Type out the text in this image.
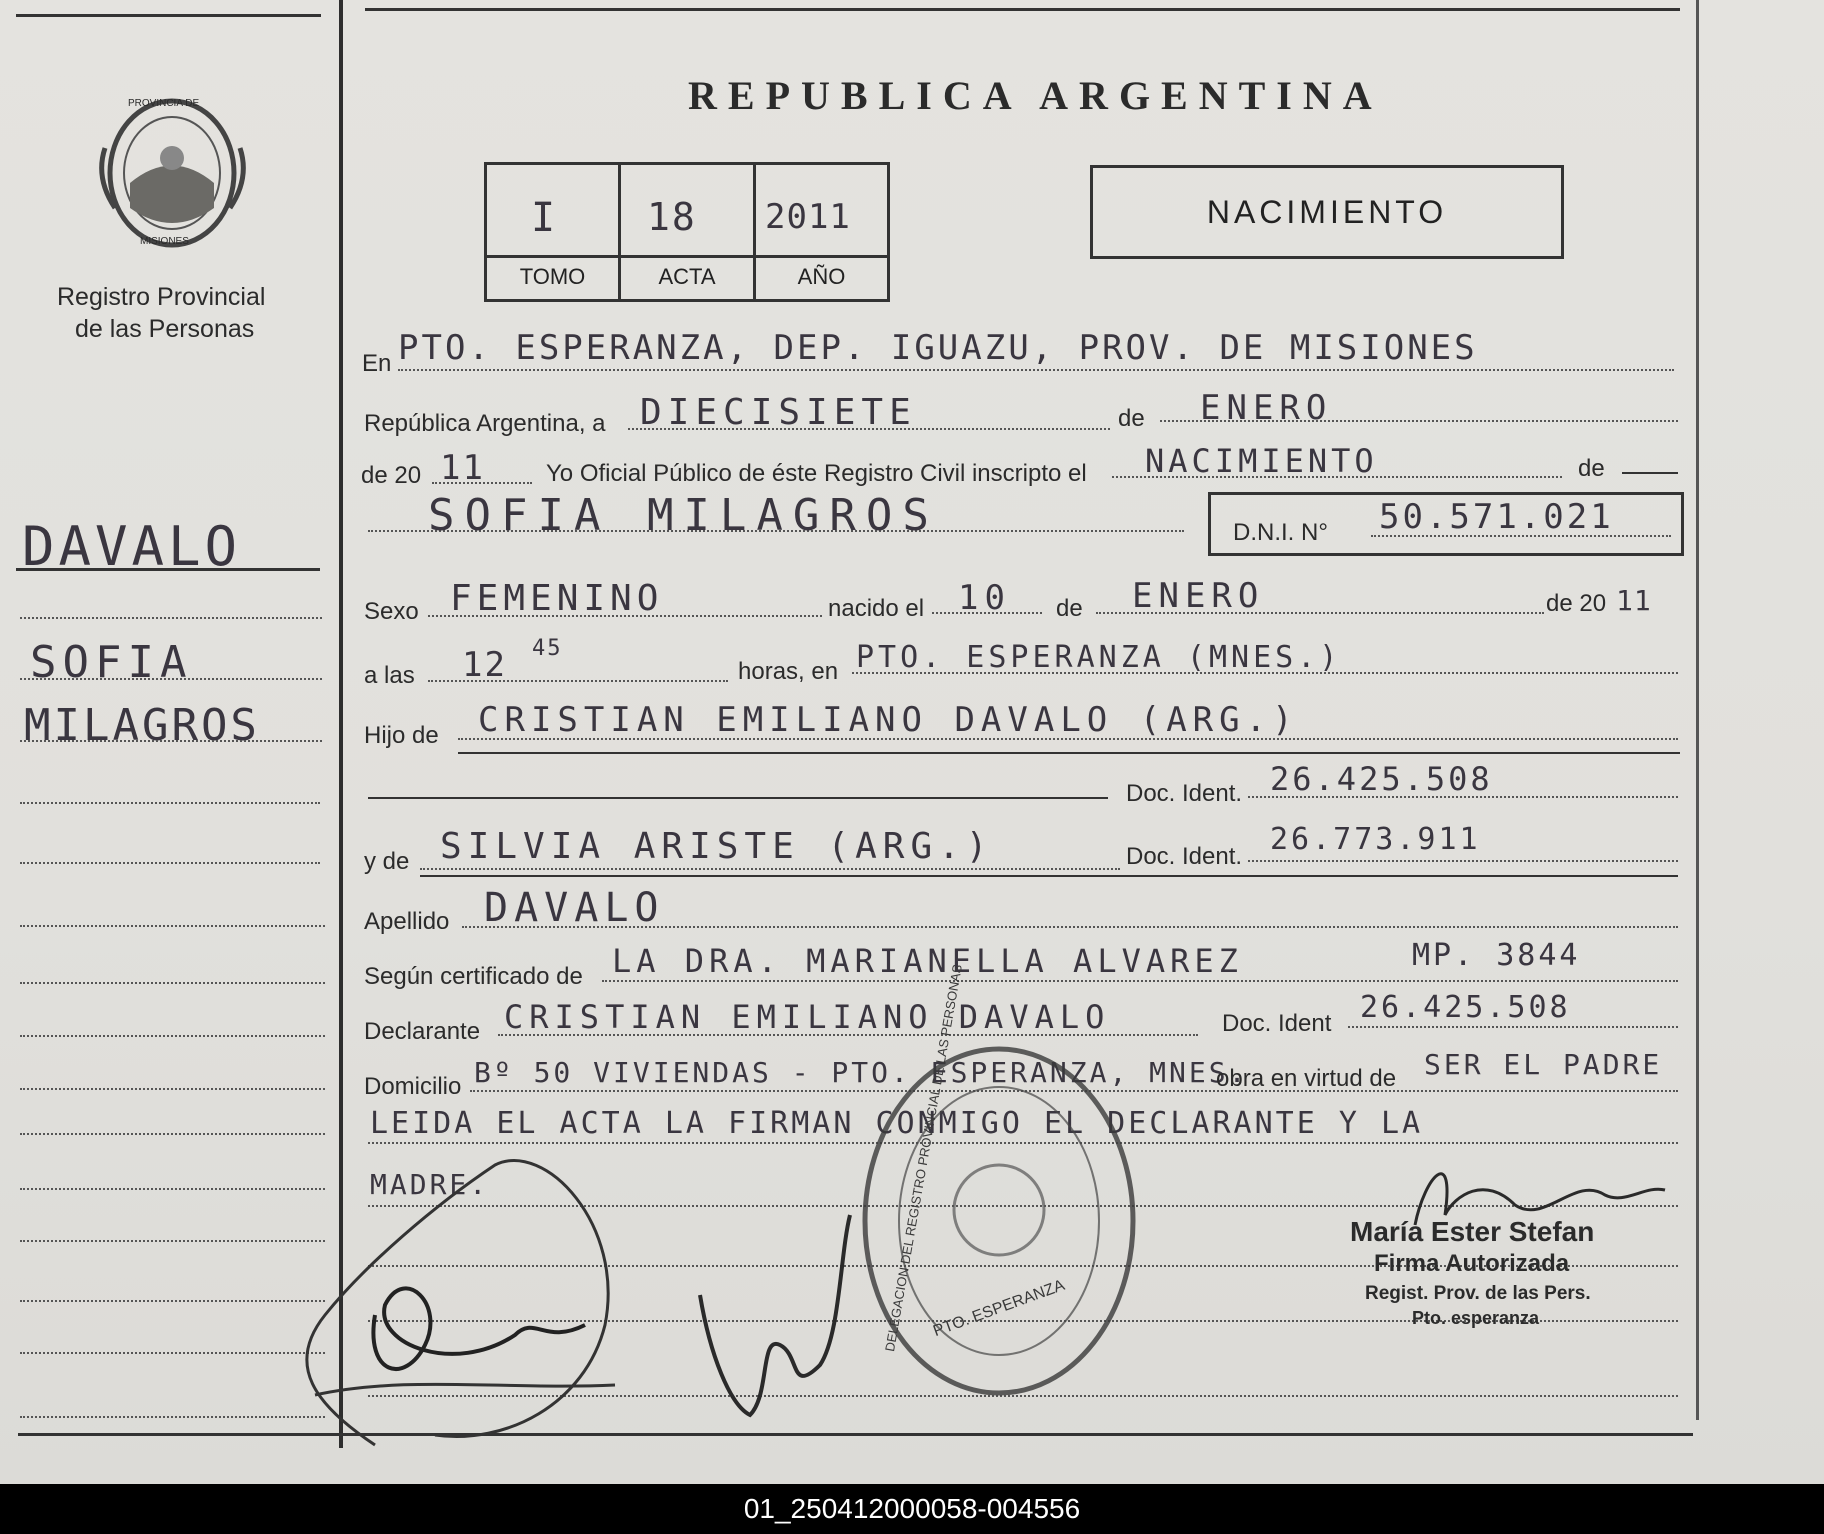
PROVINCIA DE
MISIONES
Registro Provincial
de las Personas
REPUBLICA ARGENTINA
I 18 2011
TOMO	ACTA	AÑO
NACIMIENTO
DAVALO
SOFIA
MILAGROS
En PTO. ESPERANZA, DEP. IGUAZU, PROV. DE MISIONES
República Argentina, a DIECISIETE	de ENERO
de 20 11	Yo Oficial Público de éste Registro Civil inscripto el NACIMIENTO	de
SOFIA MILAGROS	D.N.I. N° 50.571.021
Sexo FEMENINO	nacido el 10 de ENERO	de 20 11
a las 12 45
horas, en PTO. ESPERANZA (MNES.)
Hijo de CRISTIAN EMILIANO DAVALO (ARG.)
Doc. Ident. 26.425.508
y de SILVIA ARISTE (ARG.)	Doc. Ident. 26.773.911
Apellido DAVALO
Según certificado de LA DRA. MARIANELLA ALVAREZ	MP. 3844
Declarante CRISTIAN EMILIANO DAVALO	Doc. Ident 26.425.508
Domicilio Bº 50 VIVIENDAS - PTO. ESPERANZA, MNES.
obra en virtud de SER EL PADRE
LEIDA EL ACTA LA FIRMAN CONMIGO EL DECLARANTE Y LA
MADRE.	DELEGACION DEL REGISTRO PROVINCIAL DE LAS PERSONAS
PTO. ESPERANZA
María Ester Stefan
Firma Autorizada
Regist. Prov. de las Pers.
Pto. esperanza
01_250412000058-004556
